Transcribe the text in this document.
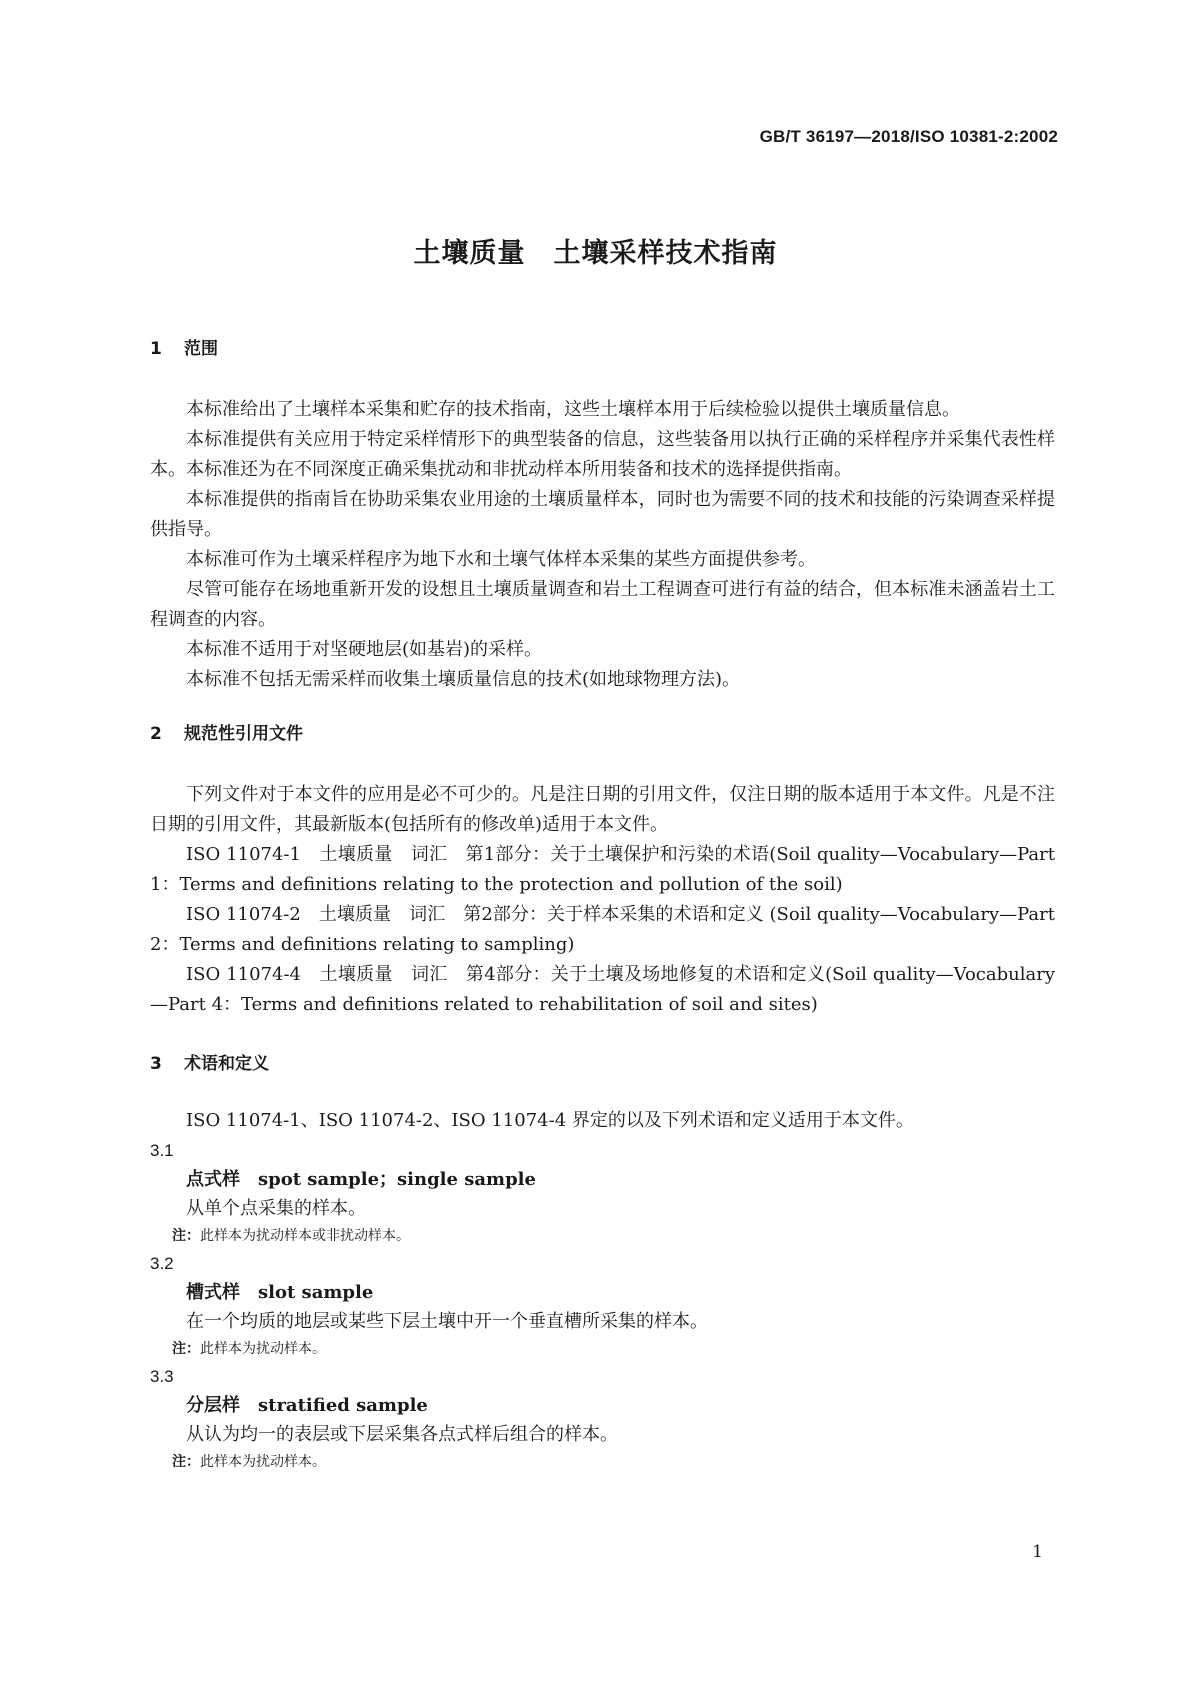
GB/T 36197—2018/ISO 10381-2:2002
土壤质量　土壤采样技术指南
1 范围

本标准给出了土壤样本采集和贮存的技术指南，这些土壤样本用于后续检验以提供土壤质量信息。

本标准提供有关应用于特定采样情形下的典型装备的信息，这些装备用以执行正确的采样程序并采集代表性样本。本标准还为在不同深度正确采集扰动和非扰动样本所用装备和技术的选择提供指南。

本标准提供的指南旨在协助采集农业用途的土壤质量样本，同时也为需要不同的技术和技能的污染调查采样提供指导。

本标准可作为土壤采样程序为地下水和土壤气体样本采集的某些方面提供参考。

尽管可能存在场地重新开发的设想且土壤质量调查和岩土工程调查可进行有益的结合，但本标准未涵盖岩土工程调查的内容。

本标准不适用于对坚硬地层(如基岩)的采样。

本标准不包括无需采样而收集土壤质量信息的技术(如地球物理方法)。

2 规范性引用文件

下列文件对于本文件的应用是必不可少的。凡是注日期的引用文件，仅注日期的版本适用于本文件。凡是不注日期的引用文件，其最新版本(包括所有的修改单)适用于本文件。

ISO 11074-1　土壤质量　词汇　第1部分：关于土壤保护和污染的术语(Soil quality—Vocabulary—Part 1：Terms and definitions relating to the protection and pollution of the soil)

ISO 11074-2　土壤质量　词汇　第2部分：关于样本采集的术语和定义 (Soil quality—Vocabulary—Part 2：Terms and definitions relating to sampling)

ISO 11074-4　土壤质量　词汇　第4部分：关于土壤及场地修复的术语和定义(Soil quality—Vocabulary—Part 4：Terms and definitions related to rehabilitation of soil and sites)

3 术语和定义

ISO 11074-1、ISO 11074-2、ISO 11074-4 界定的以及下列术语和定义适用于本文件。

3.1
点式样 spot sample；single sample
从单个点采集的样本。
注：此样本为扰动样本或非扰动样本。
3.2
槽式样 slot sample
在一个均质的地层或某些下层土壤中开一个垂直槽所采集的样本。
注：此样本为扰动样本。
3.3
分层样 stratified sample
从认为均一的表层或下层采集各点式样后组合的样本。
注：此样本为扰动样本。
1
